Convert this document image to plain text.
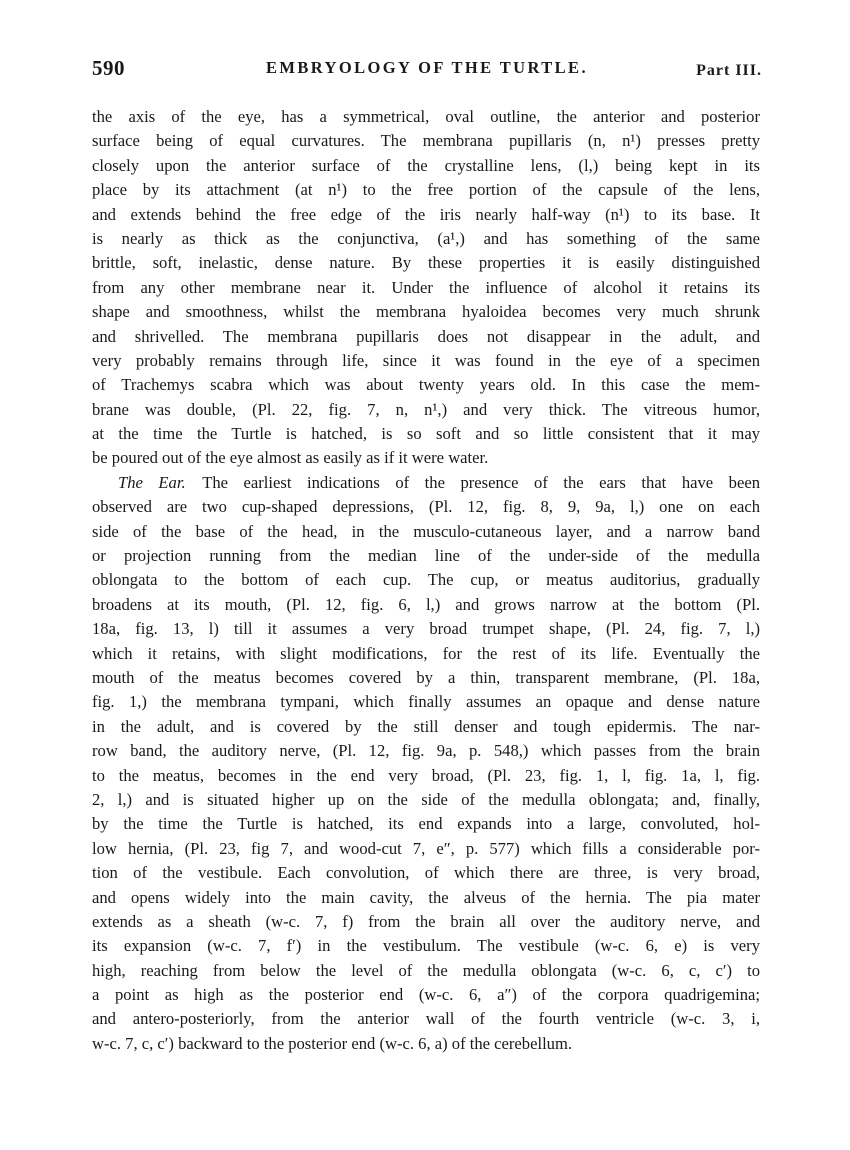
590	EMBRYOLOGY OF THE TURTLE.	Part III.
the axis of the eye, has a symmetrical, oval outline, the anterior and posterior
surface being of equal curvatures. The membrana pupillaris (n, n¹) presses pretty
closely upon the anterior surface of the crystalline lens, (l,) being kept in its
place by its attachment (at n¹) to the free portion of the capsule of the lens,
and extends behind the free edge of the iris nearly half-way (n¹) to its base. It
is nearly as thick as the conjunctiva, (a¹,) and has something of the same
brittle, soft, inelastic, dense nature. By these properties it is easily distinguished
from any other membrane near it. Under the influence of alcohol it retains its
shape and smoothness, whilst the membrana hyaloidea becomes very much shrunk
and shrivelled. The membrana pupillaris does not disappear in the adult, and
very probably remains through life, since it was found in the eye of a specimen
of Trachemys scabra which was about twenty years old. In this case the mem-
brane was double, (Pl. 22, fig. 7, n, n¹,) and very thick. The vitreous humor,
at the time the Turtle is hatched, is so soft and so little consistent that it may
be poured out of the eye almost as easily as if it were water.
The Ear.  The earliest indications of the presence of the ears that have been
observed are two cup-shaped depressions, (Pl. 12, fig. 8, 9, 9a, l,) one on each
side of the base of the head, in the musculo-cutaneous layer, and a narrow band
or projection running from the median line of the under-side of the medulla
oblongata to the bottom of each cup. The cup, or meatus auditorius, gradually
broadens at its mouth, (Pl. 12, fig. 6, l,) and grows narrow at the bottom (Pl.
18a, fig. 13, l) till it assumes a very broad trumpet shape, (Pl. 24, fig. 7, l,)
which it retains, with slight modifications, for the rest of its life. Eventually the
mouth of the meatus becomes covered by a thin, transparent membrane, (Pl. 18a,
fig. 1,) the membrana tympani, which finally assumes an opaque and dense nature
in the adult, and is covered by the still denser and tough epidermis. The nar-
row band, the auditory nerve, (Pl. 12, fig. 9a, p. 548,) which passes from the brain
to the meatus, becomes in the end very broad, (Pl. 23, fig. 1, l, fig. 1a, l, fig.
2, l,) and is situated higher up on the side of the medulla oblongata; and, finally,
by the time the Turtle is hatched, its end expands into a large, convoluted, hol-
low hernia, (Pl. 23, fig 7, and wood-cut 7, e″, p. 577) which fills a considerable por-
tion of the vestibule. Each convolution, of which there are three, is very broad,
and opens widely into the main cavity, the alveus of the hernia. The pia mater
extends as a sheath (w-c. 7, f) from the brain all over the auditory nerve, and
its expansion (w-c. 7, f′) in the vestibulum. The vestibule (w-c. 6, e) is very
high, reaching from below the level of the medulla oblongata (w-c. 6, c, c′) to
a point as high as the posterior end (w-c. 6, a″) of the corpora quadrigemina;
and antero-posteriorly, from the anterior wall of the fourth ventricle (w-c. 3, i,
w-c. 7, c, c′) backward to the posterior end (w-c. 6, a) of the cerebellum.
